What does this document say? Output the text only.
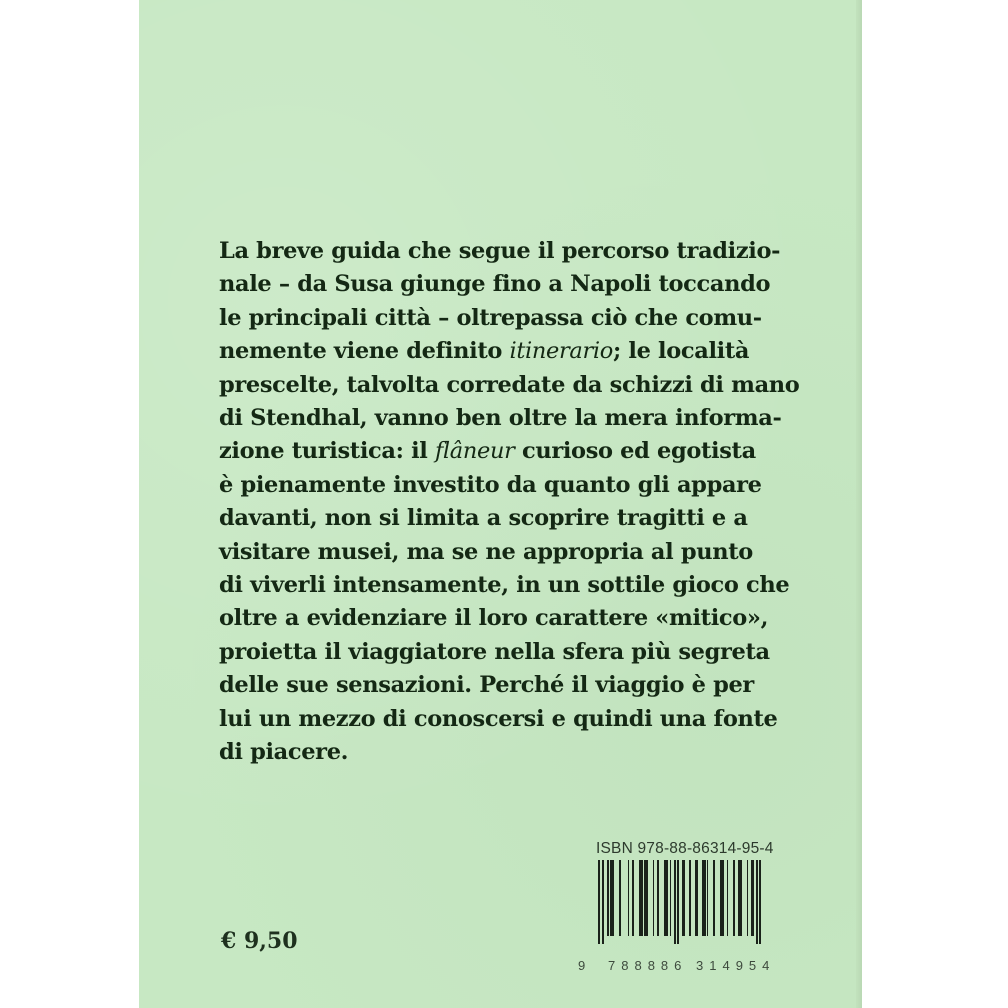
La breve guida che segue il percorso tradizio-
nale – da Susa giunge fino a Napoli toccando
le principali città – oltrepassa ciò che comu-
nemente viene definito itinerario; le località
prescelte, talvolta corredate da schizzi di mano
di Stendhal, vanno ben oltre la mera informa-
zione turistica: il flâneur curioso ed egotista
è pienamente investito da quanto gli appare
davanti, non si limita a scoprire tragitti e a
visitare musei, ma se ne appropria al punto
di viverli intensamente, in un sottile gioco che
oltre a evidenziare il loro carattere «mitico»,
proietta il viaggiatore nella sfera più segreta
delle sue sensazioni. Perché il viaggio è per
lui un mezzo di conoscersi e quindi una fonte
di piacere.
ISBN 978-88-86314-95-4
9 788886 314954
€ 9,50
